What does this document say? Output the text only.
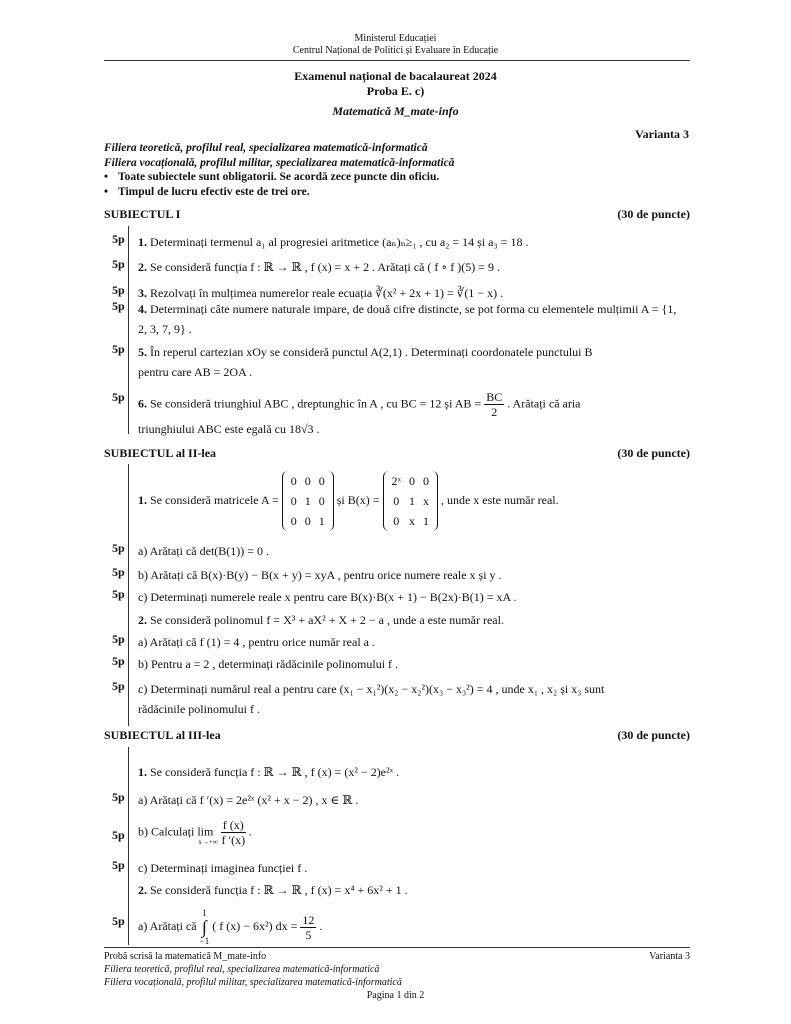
Ministerul Educației
Centrul Național de Politici și Evaluare în Educație
Examenul național de bacalaureat 2024
Proba E. c)
Matematică M_mate-info
Varianta 3
Filiera teoretică, profilul real, specializarea matematică-informatică
Filiera vocațională, profilul militar, specializarea matematică-informatică
• Toate subiectele sunt obligatorii. Se acordă zece puncte din oficiu.
• Timpul de lucru efectiv este de trei ore.
SUBIECTUL I	(30 de puncte)
5p 1. Determinați termenul a₁ al progresiei aritmetice (aₙ)ₙ≥₁ , cu a₂ = 14 și a₃ = 18 .
5p 2. Se consideră funcția f : ℝ → ℝ , f (x) = x + 2 . Arătați că ( f ∘ f )(5) = 9 .
5p 3. Rezolvați în mulțimea numerelor reale ecuația ∛(x² + 2x + 1) = ∛(1 − x) .
5p 4. Determinați câte numere naturale impare, de două cifre distincte, se pot forma cu elementele mulțimii A = {1, 2, 3, 7, 9} .
5p 5. În reperul cartezian xOy se consideră punctul A(2,1) . Determinați coordonatele punctului B
pentru care AB = 2OA .
5p 6. Se consideră triunghiul ABC , dreptunghic în A , cu BC = 12 și AB = $\frac{BC}{2}$ . Arătați că aria
triunghiului ABC este egală cu 18√3 .
SUBIECTUL al II-lea	(30 de puncte)
1. Se consideră matricele A =
0	0	0
0	1	0
0	0	1
și B(x) =
2ˣ	0	0
0	1	x
0	x	1
, unde x este număr real.
5p a) Arătați că det(B(1)) = 0 .
5p b) Arătați că B(x)·B(y) − B(x + y) = xyA , pentru orice numere reale x și y .
5p c) Determinați numerele reale x pentru care B(x)·B(x + 1) − B(2x)·B(1) = xA .
2. Se consideră polinomul f = X³ + aX² + X + 2 − a , unde a este număr real.
5p a) Arătați că f (1) = 4 , pentru orice număr real a .
5p b) Pentru a = 2 , determinați rădăcinile polinomului f .
5p c) Determinați numărul real a pentru care (x₁ − x₁²)(x₂ − x₂²)(x₃ − x₃²) = 4 , unde x₁ , x₂ și x₃ sunt
rădăcinile polinomului f .
SUBIECTUL al III-lea	(30 de puncte)
1. Se consideră funcția f : ℝ → ℝ , f (x) = (x² − 2)e²ˣ .
5p a) Arătați că f ′(x) = 2e²ˣ (x² + x − 2) , x ∈ ℝ .
5p b) Calculați $\lim x\to+\infty \frac{f (x)}{f '(x)}$ .
5p c) Determinați imaginea funcției f .
2. Se consideră funcția f : ℝ → ℝ , f (x) = x⁴ + 6x² + 1 .
5p a) Arătați că
1
∫
−1
( f (x) − 6x²) dx = $\frac{12}{5}$ .
Probă scrisă la matematică M_mate-info	Varianta 3
Filiera teoretică, profilul real, specializarea matematică-informatică
Filiera vocațională, profilul militar, specializarea matematică-informatică
Pagina 1 din 2
